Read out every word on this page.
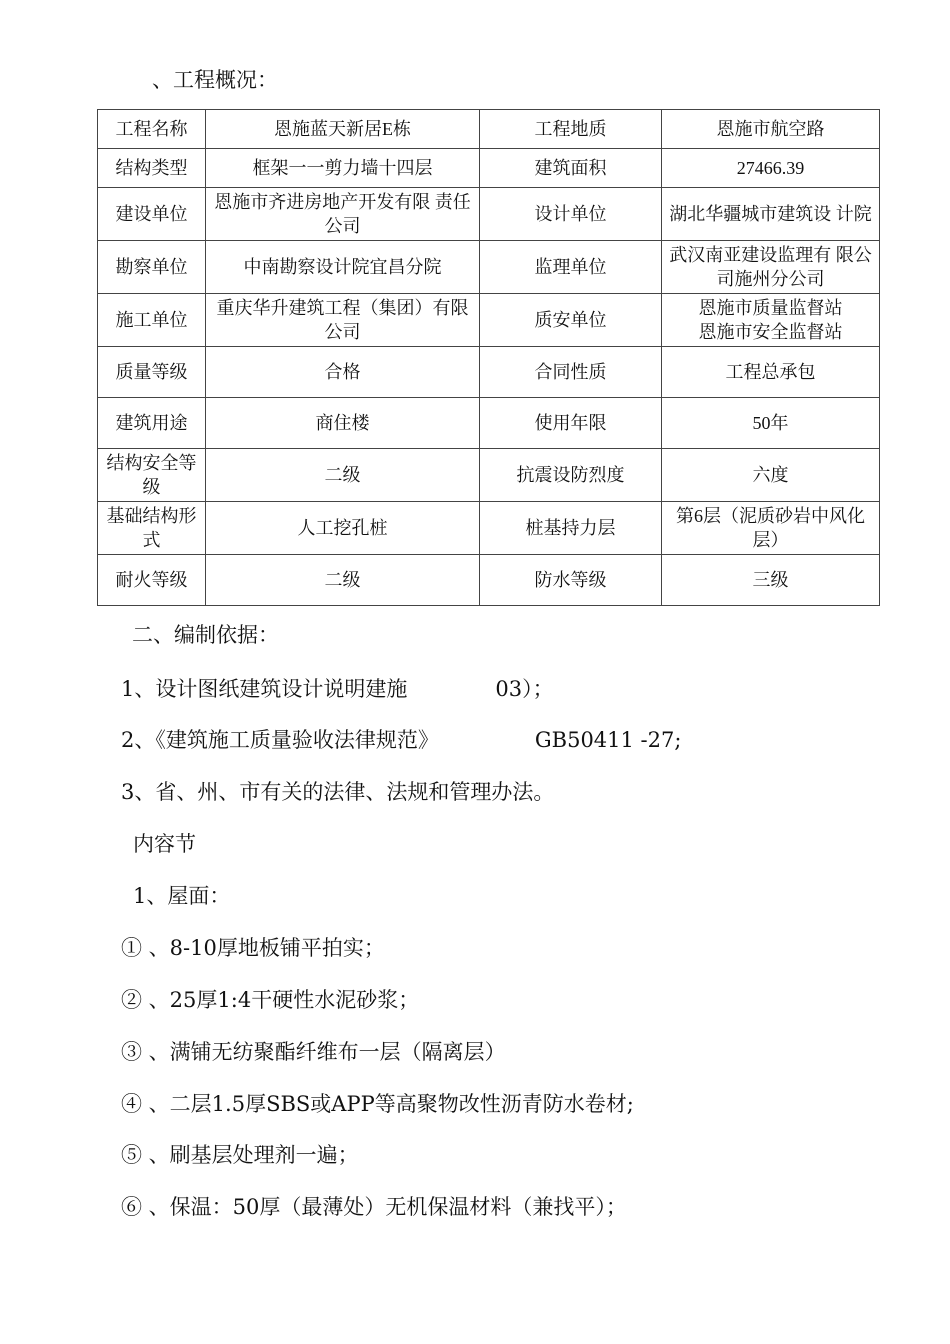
、工程概况：
工程名称	恩施蓝天新居E栋	工程地质	恩施市航空路
结构类型	框架一一剪力墙十四层	建筑面积	27466.39
建设单位	恩施市齐进房地产开发有限 责任公司	设计单位	湖北华疆城市建筑设 计院
勘察单位	中南勘察设计院宜昌分院	监理单位	武汉南亚建设监理有 限公司施州分公司
施工单位	重庆华升建筑工程（集团）有限公司	质安单位	恩施市质量监督站
恩施市安全监督站
质量等级	合格	合同性质	工程总承包
建筑用途	商住楼	使用年限	50年
结构安全等级	二级	抗震设防烈度	六度
基础结构形式	人工挖孔桩	桩基持力层	第6层（泥质砂岩中风化层）
耐火等级	二级	防水等级	三级
二、编制依据：
1、设计图纸建筑设计说明建施	03）；
2、《建筑施工质量验收法律规范》	GB50411 -27;
3、省、州、市有关的法律、法规和管理办法。
内容节
1、屋面：
① 、8-10厚地板铺平拍实；
② 、25厚1:4干硬性水泥砂浆；
③ 、满铺无纺聚酯纤维布一层（隔离层）
④ 、二层1.5厚SBS或APP等高聚物改性沥青防水卷材;
⑤ 、刷基层处理剂一遍；
⑥ 、保温：50厚（最薄处）无机保温材料（兼找平）；
